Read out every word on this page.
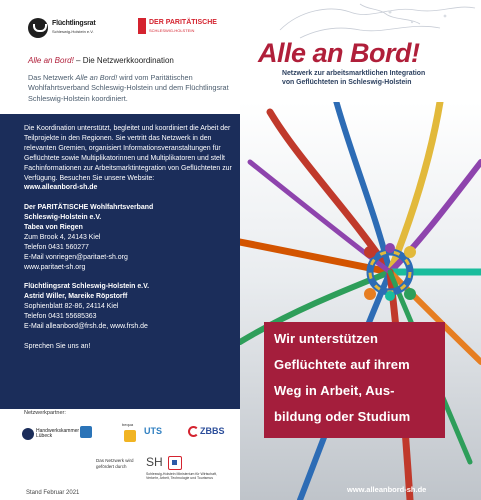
Flüchtlingsrat
Schleswig-Holstein e.V.
DER PARITÄTISCHE
SCHLESWIG-HOLSTEIN
Alle an Bord! – Die Netzwerkkoordination
Das Netzwerk Alle an Bord! wird vom Paritätischen Wohlfahrtsverband Schleswig-Holstein und dem Flüchtlingsrat Schleswig-Holstein koordiniert.

Die Koordination unterstützt, begleitet und koordiniert die Arbeit der Teilprojekte in den Regionen. Sie vertritt das Netzwerk in den relevanten Gremien, organisiert Informationsveranstaltungen für Geflüchtete sowie Multiplikatorinnen und Multiplikatoren und stellt Fachinformationen zur Arbeitsmarktintegration von Geflüchteten zur Verfügung. Besuchen Sie unsere Website:
www.alleanbord-sh.de

Der PARITÄTISCHE Wohlfahrtsverband
Schleswig-Holstein e.V.
Tabea von Riegen
Zum Brook 4, 24143 Kiel
Telefon 0431 560277
E-Mail vonriegen@paritaet-sh.org
www.paritaet-sh.org

Flüchtlingsrat Schleswig-Holstein e.V.
Astrid Willer, Mareike Röpstorff
Sophienblatt 82-86, 24114 Kiel
Telefon 0431 55685363
E-Mail alleanbord@frsh.de, www.frsh.de

Sprechen Sie uns an!

Netzwerkpartner:
Handwerkskammer
Lübeck
bequa
UTS	ZBBS
Das Netzwerk wird gefördert durch	SH
Schleswig-Holstein Ministerium für Wirtschaft, Verkehr, Arbeit, Technologie und Tourismus
Stand Februar 2021
Alle an Bord!
Netzwerk zur arbeitsmarktlichen Integration
von Geflüchteten in Schleswig-Holstein
Wir unterstützen
Geflüchtete auf ihrem
Weg in Arbeit, Aus-
bildung oder Studium
www.alleanbord-sh.de
